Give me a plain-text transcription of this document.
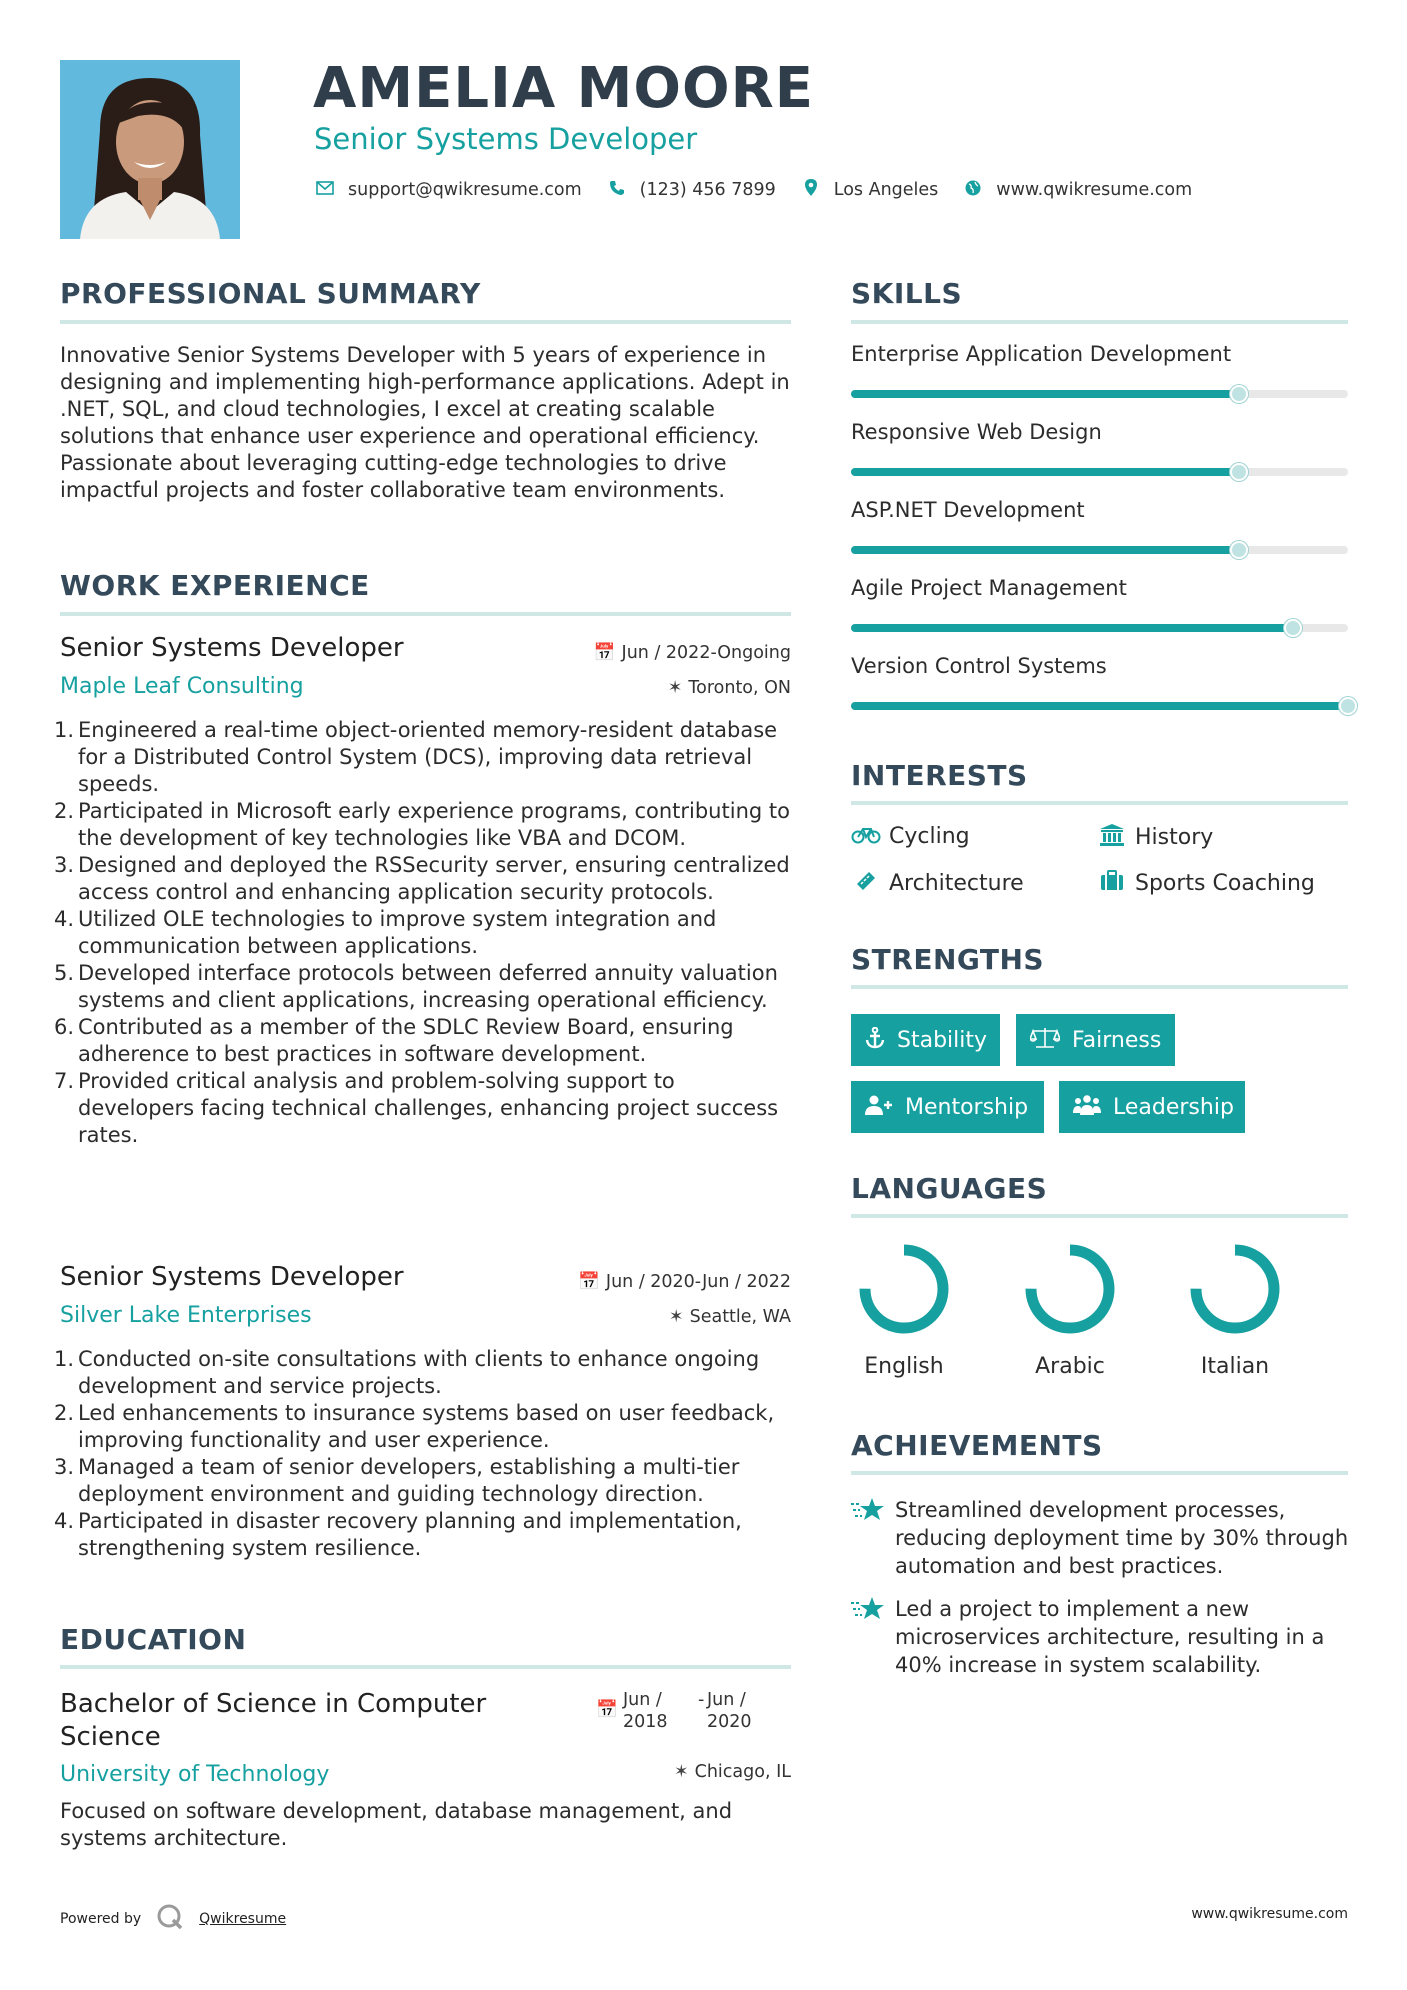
AMELIA MOORE
Senior Systems Developer
support@qwikresume.com	(123) 456 7899	Los Angeles	www.qwikresume.com
PROFESSIONAL SUMMARY
Innovative Senior Systems Developer with 5 years of experience in designing and implementing high-performance applications. Adept in .NET, SQL, and cloud technologies, I excel at creating scalable solutions that enhance user experience and operational efficiency. Passionate about leveraging cutting-edge technologies to drive impactful projects and foster collaborative team environments.
WORK EXPERIENCE
Senior Systems Developer	📅 Jun / 2022-Ongoing
Maple Leaf Consulting	✶ Toronto, ON
1. Engineered a real-time object-oriented memory-resident database for a Distributed Control System (DCS), improving data retrieval speeds.
2. Participated in Microsoft early experience programs, contributing to the development of key technologies like VBA and DCOM.
3. Designed and deployed the RSSecurity server, ensuring centralized access control and enhancing application security protocols.
4. Utilized OLE technologies to improve system integration and communication between applications.
5. Developed interface protocols between deferred annuity valuation systems and client applications, increasing operational efficiency.
6. Contributed as a member of the SDLC Review Board, ensuring adherence to best practices in software development.
7. Provided critical analysis and problem-solving support to developers facing technical challenges, enhancing project success rates.
Senior Systems Developer	📅 Jun / 2020-Jun / 2022
Silver Lake Enterprises	✶ Seattle, WA
1. Conducted on-site consultations with clients to enhance ongoing development and service projects.
2. Led enhancements to insurance systems based on user feedback, improving functionality and user experience.
3. Managed a team of senior developers, establishing a multi-tier deployment environment and guiding technology direction.
4. Participated in disaster recovery planning and implementation, strengthening system resilience.
EDUCATION
Bachelor of Science in Computer
Science
📅 Jun /
2018
- Jun /
2020
University of Technology	✶ Chicago, IL
Focused on software development, database management, and systems architecture.
SKILLS
Enterprise Application Development
Responsive Web Design
ASP.NET Development
Agile Project Management
Version Control Systems
INTERESTS
Cycling	History
Architecture	Sports Coaching
STRENGTHS
Stability	Fairness
Mentorship	Leadership
LANGUAGES
English	Arabic	Italian
ACHIEVEMENTS
Streamlined development processes, reducing deployment time by 30% through automation and best practices.
Led a project to implement a new microservices architecture, resulting in a 40% increase in system scalability.
Powered by	Qwikresume	www.qwikresume.com
